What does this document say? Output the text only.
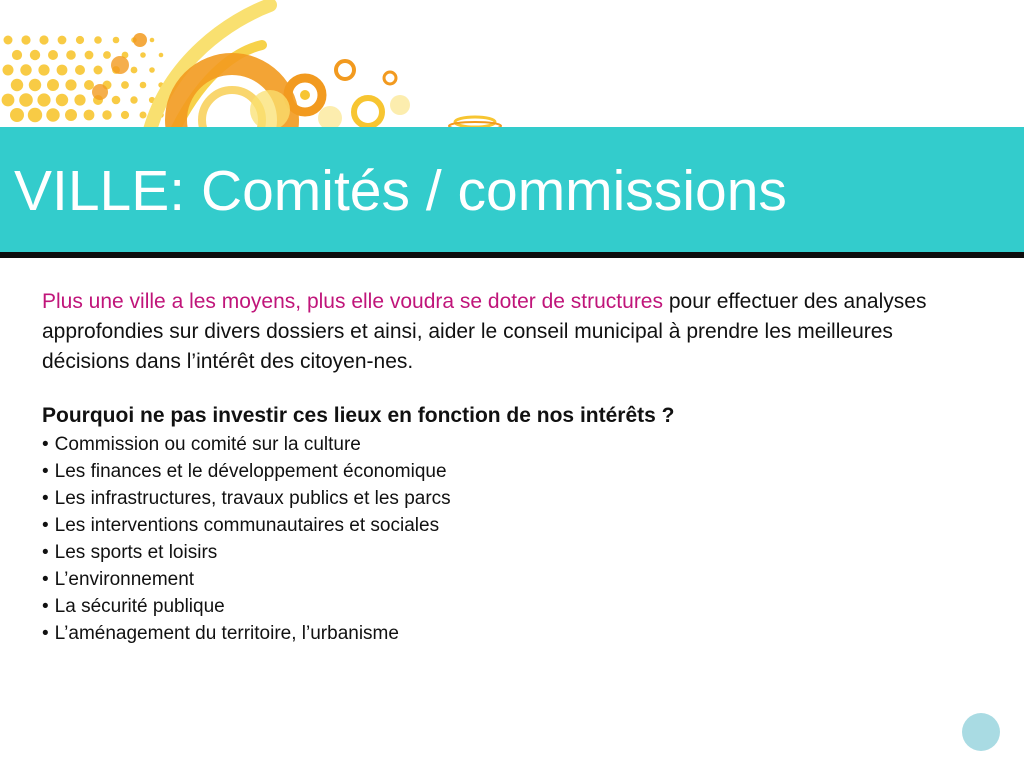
VILLE: Comités / commissions

Plus une ville a les moyens, plus elle voudra se doter de structures pour effectuer des analyses approfondies sur divers dossiers et ainsi, aider le conseil municipal à prendre les meilleures décisions dans l’intérêt des citoyen-nes.

Pourquoi ne pas investir ces lieux en fonction de nos intérêts ?

• Commission ou comité sur la culture
• Les finances et le développement économique
• Les infrastructures, travaux publics et les parcs
• Les interventions communautaires et sociales
• Les sports et loisirs
• L’environnement
• La sécurité publique
• L’aménagement du territoire, l’urbanisme
